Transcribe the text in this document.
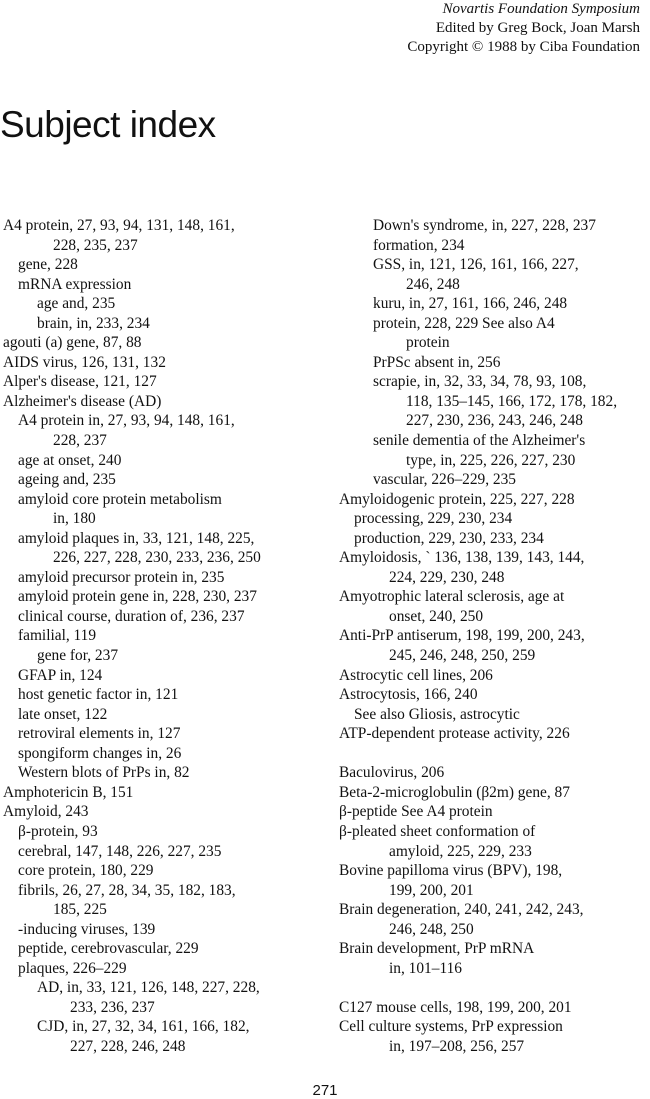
Novartis Foundation Symposium
Edited by Greg Bock, Joan Marsh
Copyright © 1988 by Ciba Foundation
Subject index
A4 protein, 27, 93, 94, 131, 148, 161,
228, 235, 237
gene, 228
mRNA expression
age and, 235
brain, in, 233, 234
agouti (a) gene, 87, 88
AIDS virus, 126, 131, 132
Alper's disease, 121, 127
Alzheimer's disease (AD)
A4 protein in, 27, 93, 94, 148, 161,
228, 237
age at onset, 240
ageing and, 235
amyloid core protein metabolism
in, 180
amyloid plaques in, 33, 121, 148, 225,
226, 227, 228, 230, 233, 236, 250
amyloid precursor protein in, 235
amyloid protein gene in, 228, 230, 237
clinical course, duration of, 236, 237
familial, 119
gene for, 237
GFAP in, 124
host genetic factor in, 121
late onset, 122
retroviral elements in, 127
spongiform changes in, 26
Western blots of PrPs in, 82
Amphotericin B, 151
Amyloid, 243
β-protein, 93
cerebral, 147, 148, 226, 227, 235
core protein, 180, 229
fibrils, 26, 27, 28, 34, 35, 182, 183,
185, 225
-inducing viruses, 139
peptide, cerebrovascular, 229
plaques, 226–229
AD, in, 33, 121, 126, 148, 227, 228,
233, 236, 237
CJD, in, 27, 32, 34, 161, 166, 182,
227, 228, 246, 248
Down's syndrome, in, 227, 228, 237
formation, 234
GSS, in, 121, 126, 161, 166, 227,
246, 248
kuru, in, 27, 161, 166, 246, 248
protein, 228, 229 See also A4
protein
PrPSc absent in, 256
scrapie, in, 32, 33, 34, 78, 93, 108,
118, 135–145, 166, 172, 178, 182,
227, 230, 236, 243, 246, 248
senile dementia of the Alzheimer's
type, in, 225, 226, 227, 230
vascular, 226–229, 235
Amyloidogenic protein, 225, 227, 228
processing, 229, 230, 234
production, 229, 230, 233, 234
Amyloidosis, ` 136, 138, 139, 143, 144,
224, 229, 230, 248
Amyotrophic lateral sclerosis, age at
onset, 240, 250
Anti-PrP antiserum, 198, 199, 200, 243,
245, 246, 248, 250, 259
Astrocytic cell lines, 206
Astrocytosis, 166, 240
See also Gliosis, astrocytic
ATP-dependent protease activity, 226
Baculovirus, 206
Beta-2-microglobulin (β2m) gene, 87
β-peptide See A4 protein
β-pleated sheet conformation of
amyloid, 225, 229, 233
Bovine papilloma virus (BPV), 198,
199, 200, 201
Brain degeneration, 240, 241, 242, 243,
246, 248, 250
Brain development, PrP mRNA
in, 101–116
C127 mouse cells, 198, 199, 200, 201
Cell culture systems, PrP expression
in, 197–208, 256, 257
271
